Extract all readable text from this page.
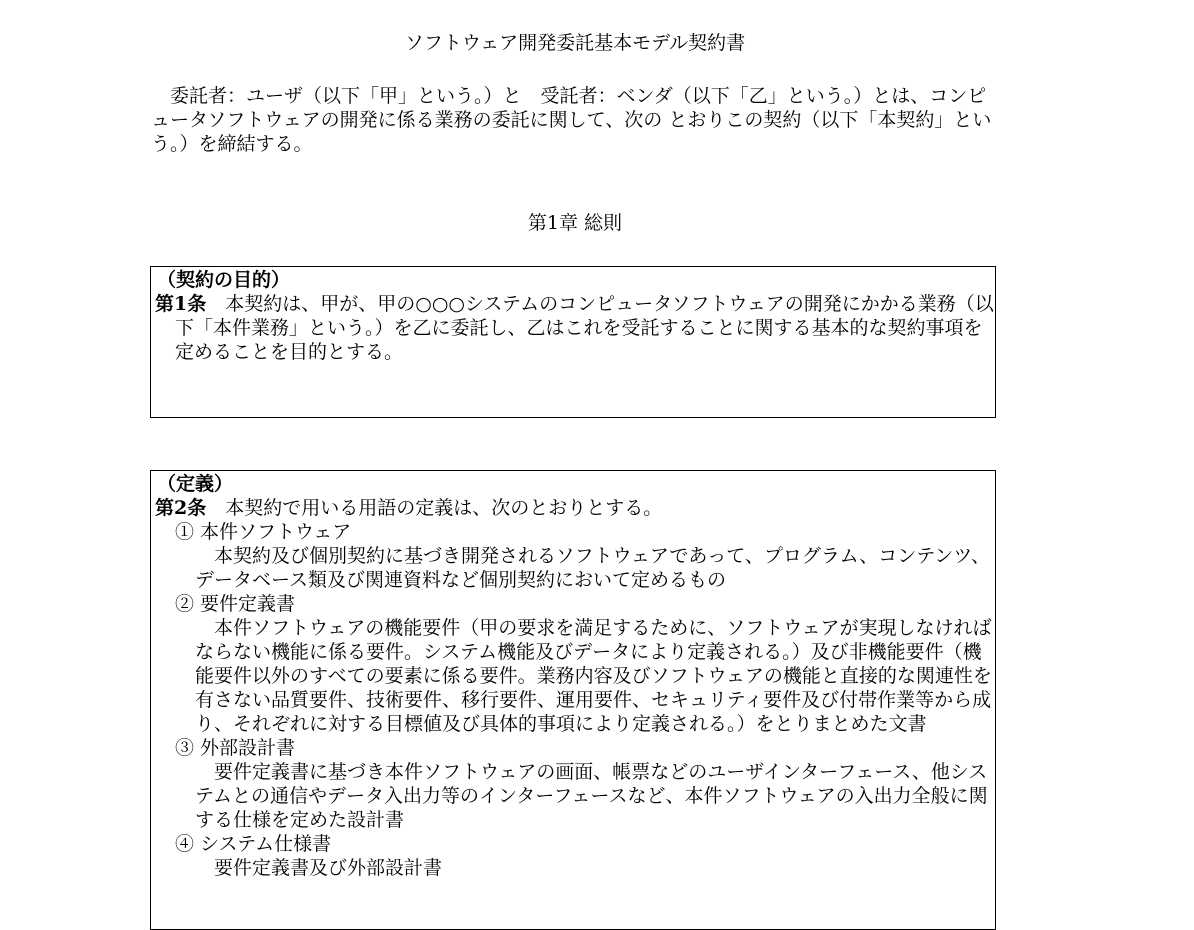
ソフトウェア開発委託基本モデル契約書
委託者：ユーザ（以下「甲」という。）と　受託者：ベンダ（以下「乙」という。）とは、コンピュータソフトウェアの開発に係る業務の委託に関して、次の とおりこの契約（以下「本契約」という。）を締結する。
第1章 総則
（契約の目的）
第1条 本契約は、甲が、甲の○○○システムのコンピュータソフトウェアの開発にかかる業務（以下「本件業務」という。）を乙に委託し、乙はこれを受託することに関する基本的な契約事項を定めることを目的とする。
（定義）
第2条 本契約で用いる用語の定義は、次のとおりとする。
① 本件ソフトウェア
本契約及び個別契約に基づき開発されるソフトウェアであって、プログラム、コンテンツ、データベース類及び関連資料など個別契約において定めるもの
② 要件定義書
本件ソフトウェアの機能要件（甲の要求を満足するために、ソフトウェアが実現しなければならない機能に係る要件。システム機能及びデータにより定義される。）及び非機能要件（機能要件以外のすべての要素に係る要件。業務内容及びソフトウェアの機能と直接的な関連性を有さない品質要件、技術要件、移行要件、運用要件、セキュリティ要件及び付帯作業等から成り、それぞれに対する目標値及び具体的事項により定義される。）をとりまとめた文書
③ 外部設計書
要件定義書に基づき本件ソフトウェアの画面、帳票などのユーザインターフェース、他システムとの通信やデータ入出力等のインターフェースなど、本件ソフトウェアの入出力全般に関する仕様を定めた設計書
④ システム仕様書
要件定義書及び外部設計書
